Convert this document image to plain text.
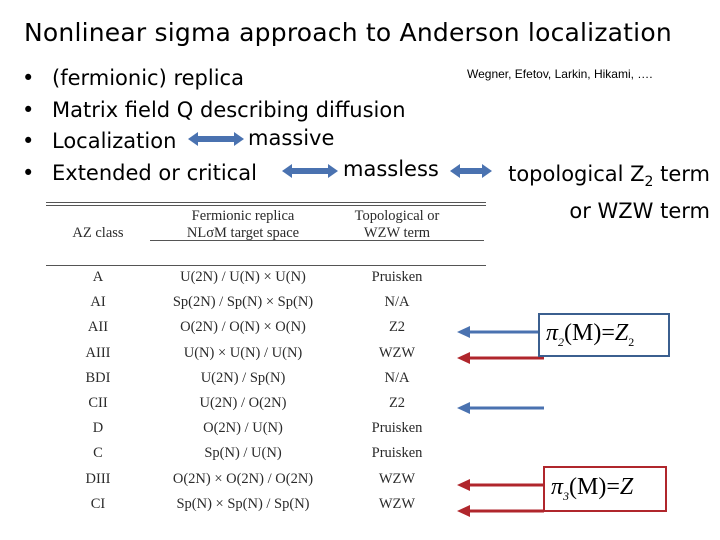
Nonlinear sigma approach to Anderson localization
• (fermionic) replica
• Matrix field Q describing diffusion
• Localization
• Extended or critical
massive
massless
Wegner, Efetov, Larkin, Hikami, ….
topological $Z_2$ term
or WZW term
	Fermionic replica	Topological or
AZ class	NLσM target space	WZW term

A	U(2N) / U(N) × U(N)	Pruisken
AI	Sp(2N) / Sp(N) × Sp(N)	N/A
AII	O(2N) / O(N) × O(N)	Z2
AIII	U(N) × U(N) / U(N)	WZW
BDI	U(2N) / Sp(N)	N/A
CII	U(2N) / O(2N)	Z2
D	O(2N) / U(N)	Pruisken
C	Sp(N) / U(N)	Pruisken
DIII	O(2N) × O(2N) / O(2N)	WZW
CI	Sp(N) × Sp(N) / Sp(N)	WZW
$\pi_2(M)=Z_2$
$\pi_3(M)=Z$
